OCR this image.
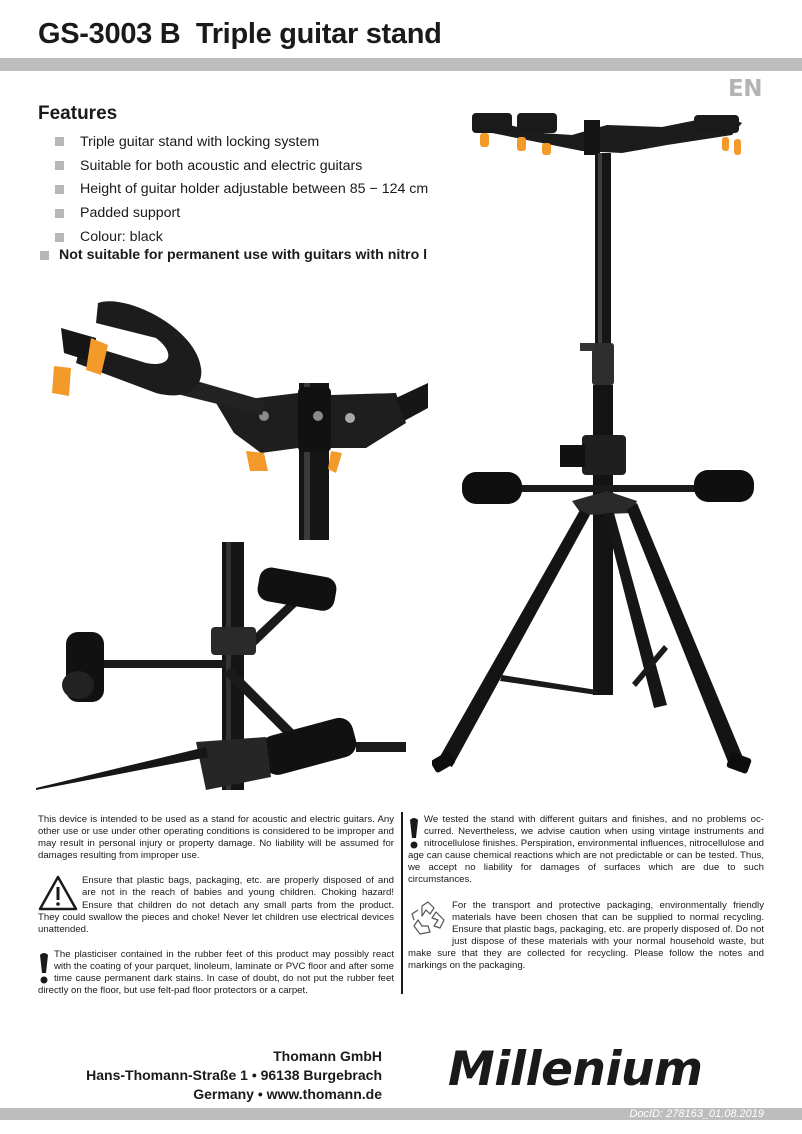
GS-3003 B  Triple guitar stand
EN
Features
Triple guitar stand with locking system
Suitable for both acoustic and electric guitars
Height of guitar holder adjustable between 85 − 124 cm
Padded support
Colour: black
Not suitable for permanent use with guitars with nitro l

This device is intended to be used as a stand for acoustic and electric guitars. Any other use or use under other operating conditions is considered to be improper and may result in personal injury or property damage. No liability will be assumed for damages resulting from improper use.

Ensure that plastic bags, packaging, etc. are properly disposed of and are not in the reach of babies and young children. Choking hazard! Ensure that children do not detach any small parts from the product. They could swallow the pieces and choke! Never let children use electrical devices unattended.
The plasticiser contained in the rubber feet of this product may possibly react with the coating of your parquet, linoleum, laminate or PVC floor and after some time cause permanent dark stains. In case of doubt, do not put the rubber feet directly on the floor, but use felt-pad floor protectors or a carpet.
We tested the stand with different guitars and finishes, and no problems oc-curred. Nevertheless, we advise caution when using vintage instruments and nitrocellulose finishes. Perspiration, environmental influences, nitrocellulose and age can cause chemical reactions which are not predictable or can be tested. Thus, we accept no liability for damages of surfaces which are due to such circumstances.
For the transport and protective packaging, environmentally friendly materials have been chosen that can be supplied to normal recycling. Ensure that plastic bags, packaging, etc. are properly disposed of. Do not just dispose of these materials with your normal household waste, but make sure that they are collected for recycling. Please follow the notes and markings on the packaging.
Thomann GmbH
Hans-Thomann-Straße 1 • 96138 Burgebrach
Germany • www.thomann.de Millenium
DocID: 278163_01.08.2019
